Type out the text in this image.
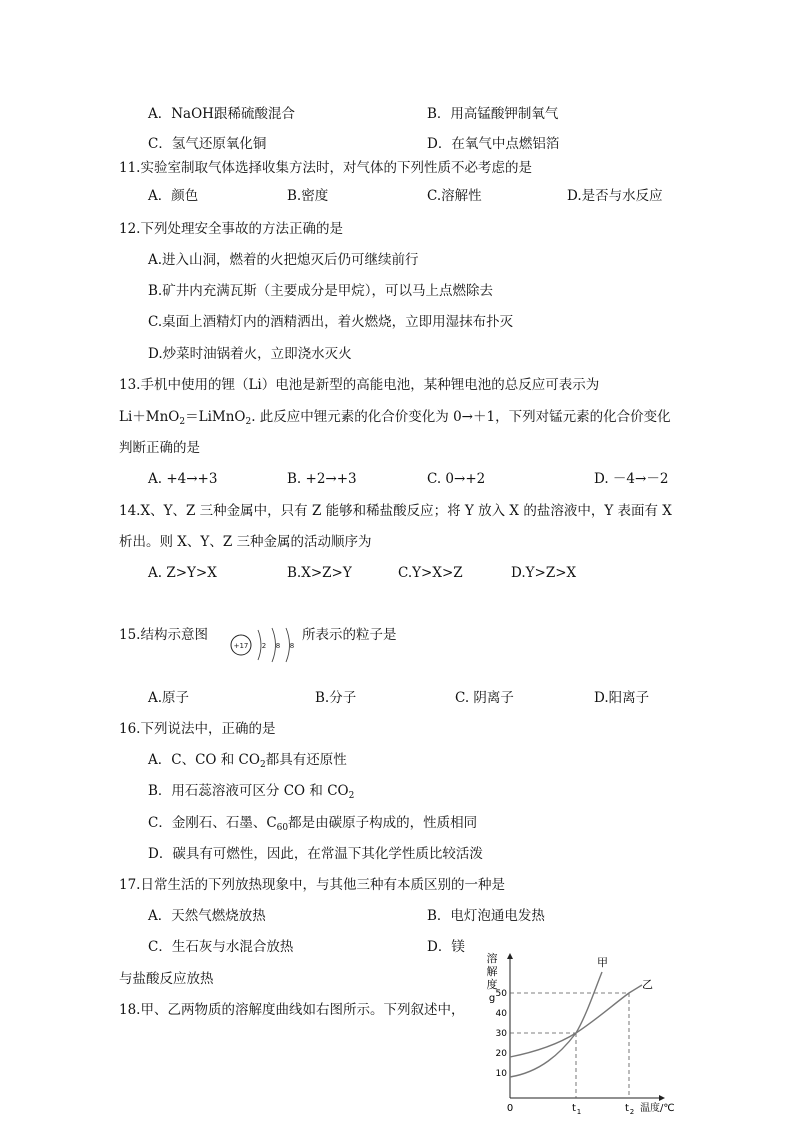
A．NaOH跟稀硫酸混合	B．用高锰酸钾制氧气
C．氢气还原氧化铜	D．在氧气中点燃铝箔
11.实验室制取气体选择收集方法时，对气体的下列性质不必考虑的是
A．颜色	B.密度	C.溶解性	D.是否与水反应
12.下列处理安全事故的方法正确的是
A.进入山洞，燃着的火把熄灭后仍可继续前行
B.矿井内充满瓦斯（主要成分是甲烷），可以马上点燃除去
C.桌面上酒精灯内的酒精洒出，着火燃烧，立即用湿抹布扑灭
D.炒菜时油锅着火，立即浇水灭火
13.手机中使用的锂（Li）电池是新型的高能电池，某种锂电池的总反应可表示为
Li＋MnO$_2$＝LiMnO$_2$. 此反应中锂元素的化合价变化为 0→＋1，下列对锰元素的化合价变化
判断正确的是
A. +4→+3	B. +2→+3	C. 0→+2	D. －4→－2
14.X、Y、Z 三种金属中，只有 Z 能够和稀盐酸反应；将 Y 放入 X 的盐溶液中，Y 表面有 X
析出。则 X、Y、Z 三种金属的活动顺序为
A. Z>Y>X	B.X>Z>Y	C.Y>X>Z	D.Y>Z>X
15.结构示意图
+17 2 8 8
所表示的粒子是
A.原子	B.分子	C. 阴离子	D.阳离子
16.下列说法中，正确的是
A．C、CO 和 $CO_2$都具有还原性
B．用石蕊溶液可区分 CO 和 $CO_2$
C．金刚石、石墨、$C_{60}$都是由碳原子构成的，性质相同
D．碳具有可燃性，因此，在常温下其化学性质比较活泼
17.日常生活的下列放热现象中，与其他三种有本质区别的一种是
A．天然气燃烧放热	B．电灯泡通电发热
C．生石灰与水混合放热	D．镁
与盐酸反应放热
18.甲、乙两物质的溶解度曲线如右图所示。下列叙述中，
溶
解
度
g
10
20
30
40
50
甲
乙
0	t 1	t 2 温度/℃
